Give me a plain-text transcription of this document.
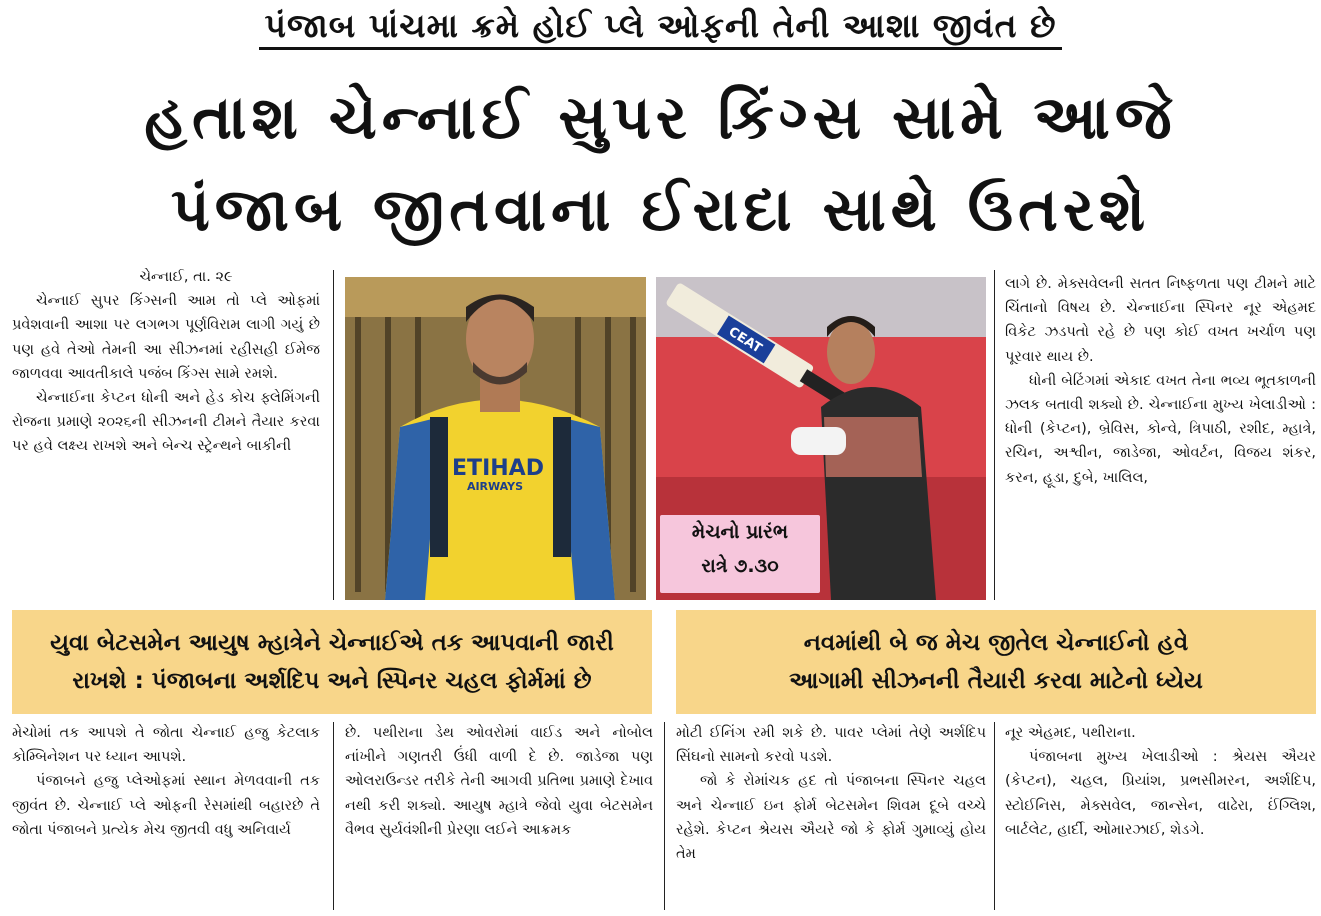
પંજાબ પાંચમા ક્રમે હોઈ પ્લે ઓફની તેની આશા જીવંત છે
હતાશ ચેન્નાઈ સુપર કિંગ્સ સામે આજે
પંજાબ જીતવાના ઈરાદા સાથે ઉતરશે

ચેન્નાઈ, તા. ૨૯

ચેન્નાઈ સુપર કિંગ્સની આમ તો પ્લે ઓફમાં પ્રવેશવાની આશા પર લગભગ પૂર્ણવિરામ લાગી ગયું છે પણ હવે તેઓ તેમની આ સીઝનમાં રહીસહી ઈમેજ જાળવવા આવતીકાલે પજંબ કિંગ્સ સામે રમશે.

ચેન્નાઈના કેપ્ટન ધોની અને હેડ કોચ ફ્લેમિંગની રોજના પ્રમાણે ૨૦૨૬ની સીઝનની ટીમને તૈયાર કરવા પર હવે લક્ષ્ય રાખશે અને બેન્ચ સ્ટ્રેન્થને બાકીની

ETIHAD
AIRWAYS
CEAT
મેચનો પ્રારંભ
રાત્રે ૭.૩૦

લાગે છે. મેક્સવેલની સતત નિષ્ફળતા પણ ટીમને માટે ચિંતાનો વિષય છે. ચેન્નાઈના સ્પિનર નૂર એહમદ વિકેટ ઝડપતો રહે છે પણ કોઈ વખત ખર્ચાળ પણ પૂરવાર થાય છે.

ધોની બેટિંગમાં એકાદ વખત તેના ભવ્ય ભૂતકાળની ઝલક બતાવી શક્યો છે. ચેન્નાઈના મુખ્ય ખેલાડીઓ : ધોની (કેપ્ટન), બ્રેવિસ, કોન્વે, ત્રિપાઠી, રશીદ, મ્હાત્રે, રચિન, અશ્વીન, જાડેજા, ઓવર્ટન, વિજય શંકર, કરન, હૂડા, દુબે, ખાલિલ,

યુવા બેટસમેન આયુષ મ્હાત્રેને ચેન્નાઈએ તક આપવાની જારી
રાખશે : પંજાબના અર્શદિપ અને સ્પિનર ચહલ ફોર્મમાં છે
નવમાંથી બે જ મેચ જીતેલ ચેન્નાઈનો હવે
આગામી સીઝનની તૈયારી કરવા માટેનો ધ્યેય

મેચોમાં તક આપશે તે જોતા ચેન્નાઈ હજુ કેટલાક કોમ્બિનેશન પર ધ્યાન આપશે.

પંજાબને હજુ પ્લેઓફમાં સ્થાન મેળવવાની તક જીવંત છે. ચેન્નાઈ પ્લે ઓફની રેસમાંથી બહારછે તે જોતા પંજાબને પ્રત્યેક મેચ જીતવી વધુ અનિવાર્ય

છે. પથીરાના ડેથ ઓવરોમાં વાઈડ અને નોબોલ નાંખીને ગણતરી ઉંધી વાળી દે છે. જાડેજા પણ ઓલરાઉન્ડર તરીકે તેની આગવી પ્રતિભા પ્રમાણે દેખાવ નથી કરી શક્યો. આયુષ મ્હાત્રે જેવો યુવા બેટસમેન વૈભવ સુર્યવંશીની પ્રેરણા લઈને આક્રમક

મોટી ઈનિંગ રમી શકે છે. પાવર પ્લેમાં તેણે અર્શદિપ સિંઘનો સામનો કરવો પડશે.

જો કે રોમાંચક હદ તો પંજાબના સ્પિનર ચહલ અને ચેન્નાઈ ઇન ફોર્મ બેટસમેન શિવમ દૂબે વચ્ચે રહેશે. કેપ્ટન શ્રેયસ ઐયરે જો કે ફોર્મ ગુમાવ્યું હોય તેમ

નૂર એહમદ, પથીરાના.

પંજાબના મુખ્ય ખેલાડીઓ : શ્રેયસ ઐયર (કેપ્ટન), ચહલ, પ્રિયાંશ, પ્રભસીમરન, અર્શદિપ, સ્ટોઈનિસ, મેક્સવેલ, જાન્સેન, વાઢેરા, ઈંગ્લિશ, બાર્ટલેટ, હાર્દી, ઓમારઝાઈ, શેડગે.
